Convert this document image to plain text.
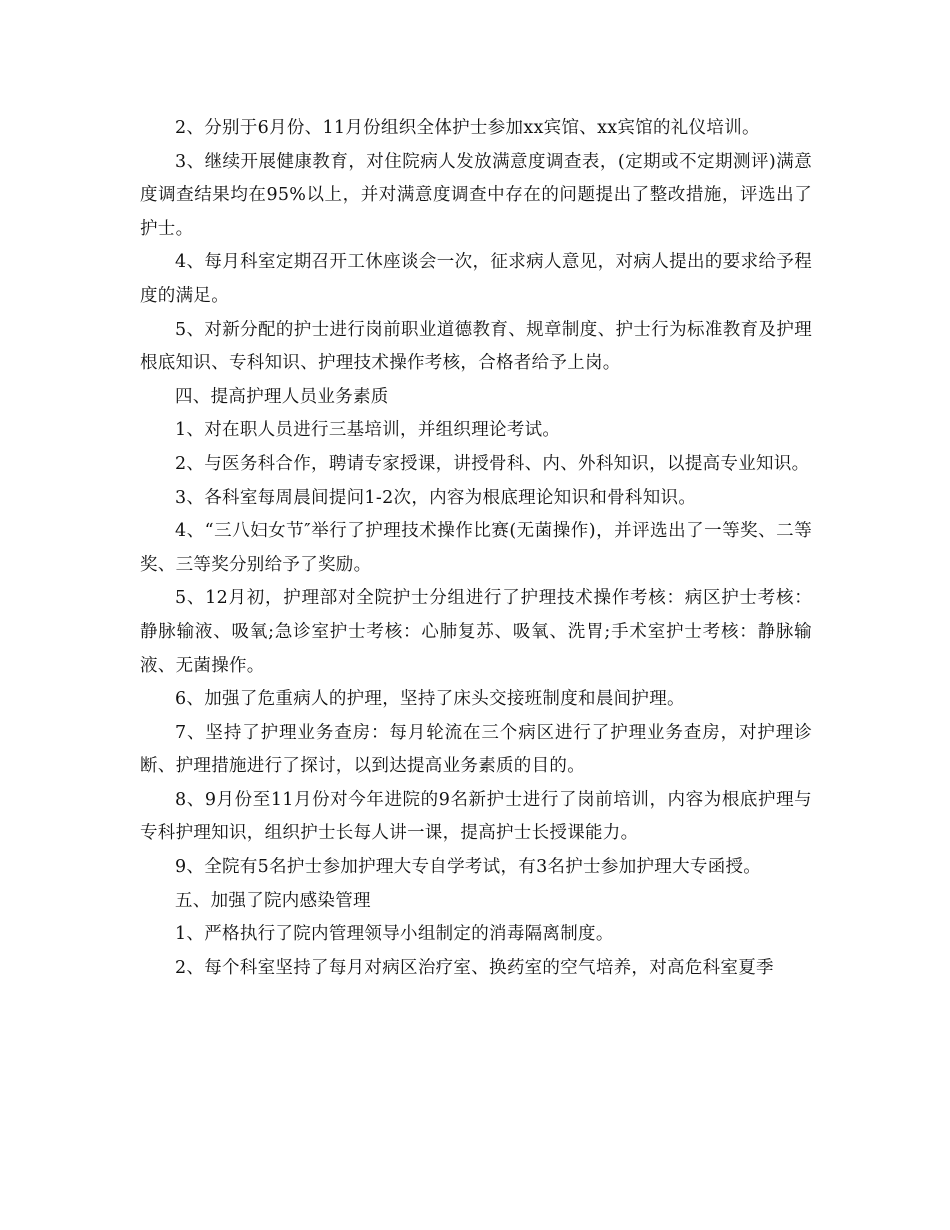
2、分别于6月份、11月份组织全体护士参加xx宾馆、xx宾馆的礼仪培训。

3、继续开展健康教育，对住院病人发放满意度调查表，(定期或不定期测评)满意度调查结果均在95%以上，并对满意度调查中存在的问题提出了整改措施，评选出了护士。

4、每月科室定期召开工休座谈会一次，征求病人意见，对病人提出的要求给予程度的满足。

5、对新分配的护士进行岗前职业道德教育、规章制度、护士行为标准教育及护理根底知识、专科知识、护理技术操作考核，合格者给予上岗。

四、提高护理人员业务素质

1、对在职人员进行三基培训，并组织理论考试。

2、与医务科合作，聘请专家授课，讲授骨科、内、外科知识，以提高专业知识。

3、各科室每周晨间提问1-2次，内容为根底理论知识和骨科知识。

4、“三八妇女节″举行了护理技术操作比赛(无菌操作)，并评选出了一等奖、二等奖、三等奖分别给予了奖励。

5、12月初，护理部对全院护士分组进行了护理技术操作考核：病区护士考核：静脉输液、吸氧;急诊室护士考核：心肺复苏、吸氧、洗胃;手术室护士考核：静脉输液、无菌操作。

6、加强了危重病人的护理，坚持了床头交接班制度和晨间护理。

7、坚持了护理业务查房：每月轮流在三个病区进行了护理业务查房，对护理诊断、护理措施进行了探讨，以到达提高业务素质的目的。

8、9月份至11月份对今年进院的9名新护士进行了岗前培训，内容为根底护理与专科护理知识，组织护士长每人讲一课，提高护士长授课能力。

9、全院有5名护士参加护理大专自学考试，有3名护士参加护理大专函授。

五、加强了院内感染管理

1、严格执行了院内管理领导小组制定的消毒隔离制度。

2、每个科室坚持了每月对病区治疗室、换药室的空气培养，对高危科室夏季
